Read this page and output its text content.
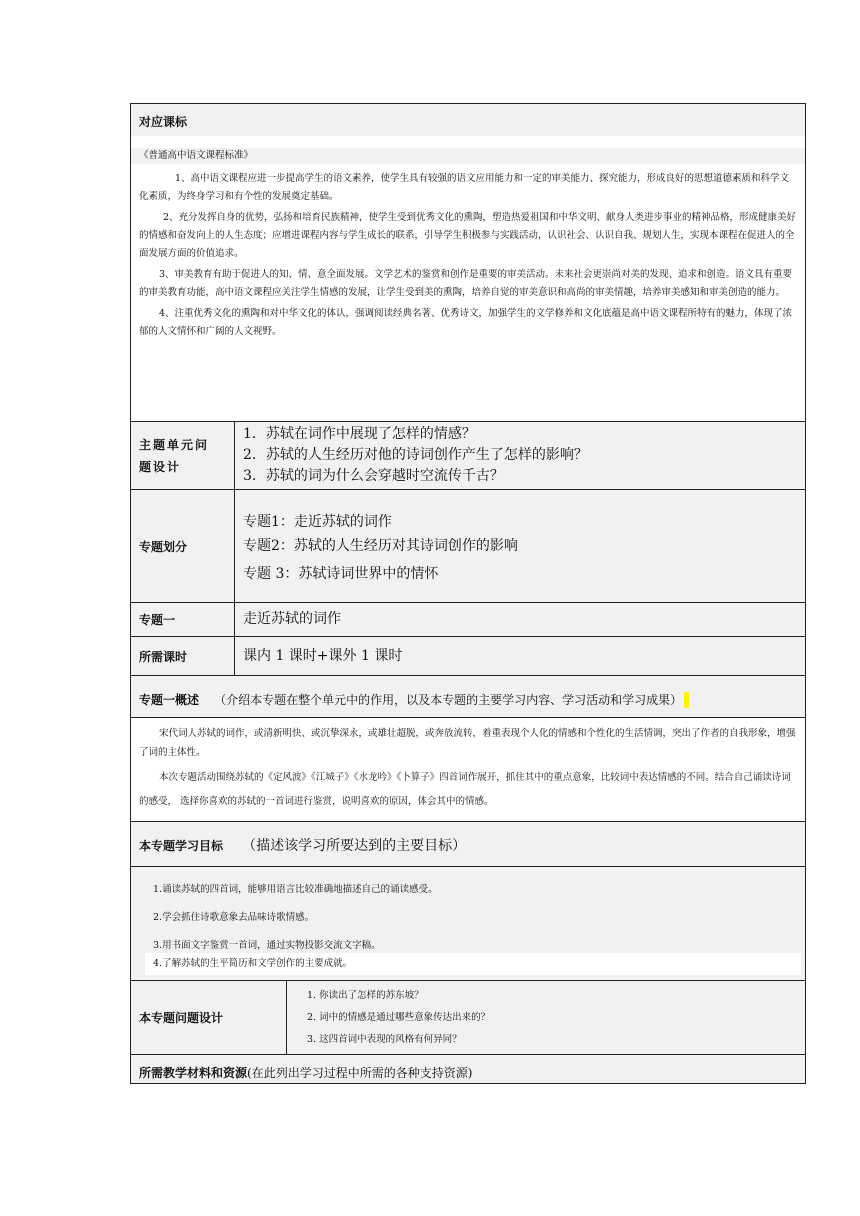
对应课标
《普通高中语文课程标准》

1、高中语文课程应进一步提高学生的语文素养，使学生具有较强的语文应用能力和一定的审美能力、探究能力，形成良好的思想道德素质和科学文化素质，为终身学习和有个性的发展奠定基础。

2、充分发挥自身的优势，弘扬和培育民族精神，使学生受到优秀文化的熏陶，塑造热爱祖国和中华文明、献身人类进步事业的精神品格，形成健康美好的情感和奋发向上的人生态度；应增进课程内容与学生成长的联系，引导学生积极参与实践活动，认识社会、认识自我、规划人生，实现本课程在促进人的全面发展方面的价值追求。

3、审美教育有助于促进人的知、情、意全面发展。文学艺术的鉴赏和创作是重要的审美活动。未来社会更崇尚对美的发现、追求和创造。语文具有重要的审美教育功能，高中语文课程应关注学生情感的发展，让学生受到美的熏陶，培养自觉的审美意识和高尚的审美情趣，培养审美感知和审美创造的能力。

4、注重优秀文化的熏陶和对中华文化的体认，强调阅读经典名著、优秀诗文，加强学生的文学修养和文化底蕴是高中语文课程所特有的魅力，体现了浓郁的人文情怀和广阔的人文视野。

主题单元问题设计
1．苏轼在词作中展现了怎样的情感？
2．苏轼的人生经历对他的诗词创作产生了怎样的影响？
3．苏轼的词为什么会穿越时空流传千古？
专题划分
专题1：走近苏轼的词作
专题2：苏轼的人生经历对其诗词创作的影响
专题 3：苏轼诗词世界中的情怀
专题一	走近苏轼的词作
所需课时	课内 1 课时+课外 1 课时
专题一概述 （介绍本专题在整个单元中的作用，以及本专题的主要学习内容、学习活动和学习成果）

宋代词人苏轼的词作，或清新明快、或沉挚深永，或雄壮超脱，或奔放流转，着重表现个人化的情感和个性化的生活情调，突出了作者的自我形象，增强了词的主体性。

本次专题活动围绕苏轼的《定风波》《江城子》《水龙吟》《卜算子》四首词作展开，抓住其中的重点意象，比较词中表达情感的不同。结合自己诵读诗词的感受， 选择你喜欢的苏轼的一首词进行鉴赏，说明喜欢的原因，体会其中的情感。

本专题学习目标 （描述该学习所要达到的主要目标）
1.诵读苏轼的四首词，能够用语言比较准确地描述自己的诵读感受。
2.学会抓住诗歌意象去品味诗歌情感。
3.用书面文字鉴赏一首词，通过实物投影交流文字稿。
4.了解苏轼的生平简历和文学创作的主要成就。
本专题问题设计
1. 你读出了怎样的苏东坡？
2. 词中的情感是通过哪些意象传达出来的？
3. 这四首词中表现的风格有何异同？
所需教学材料和资源(在此列出学习过程中所需的各种支持资源)
